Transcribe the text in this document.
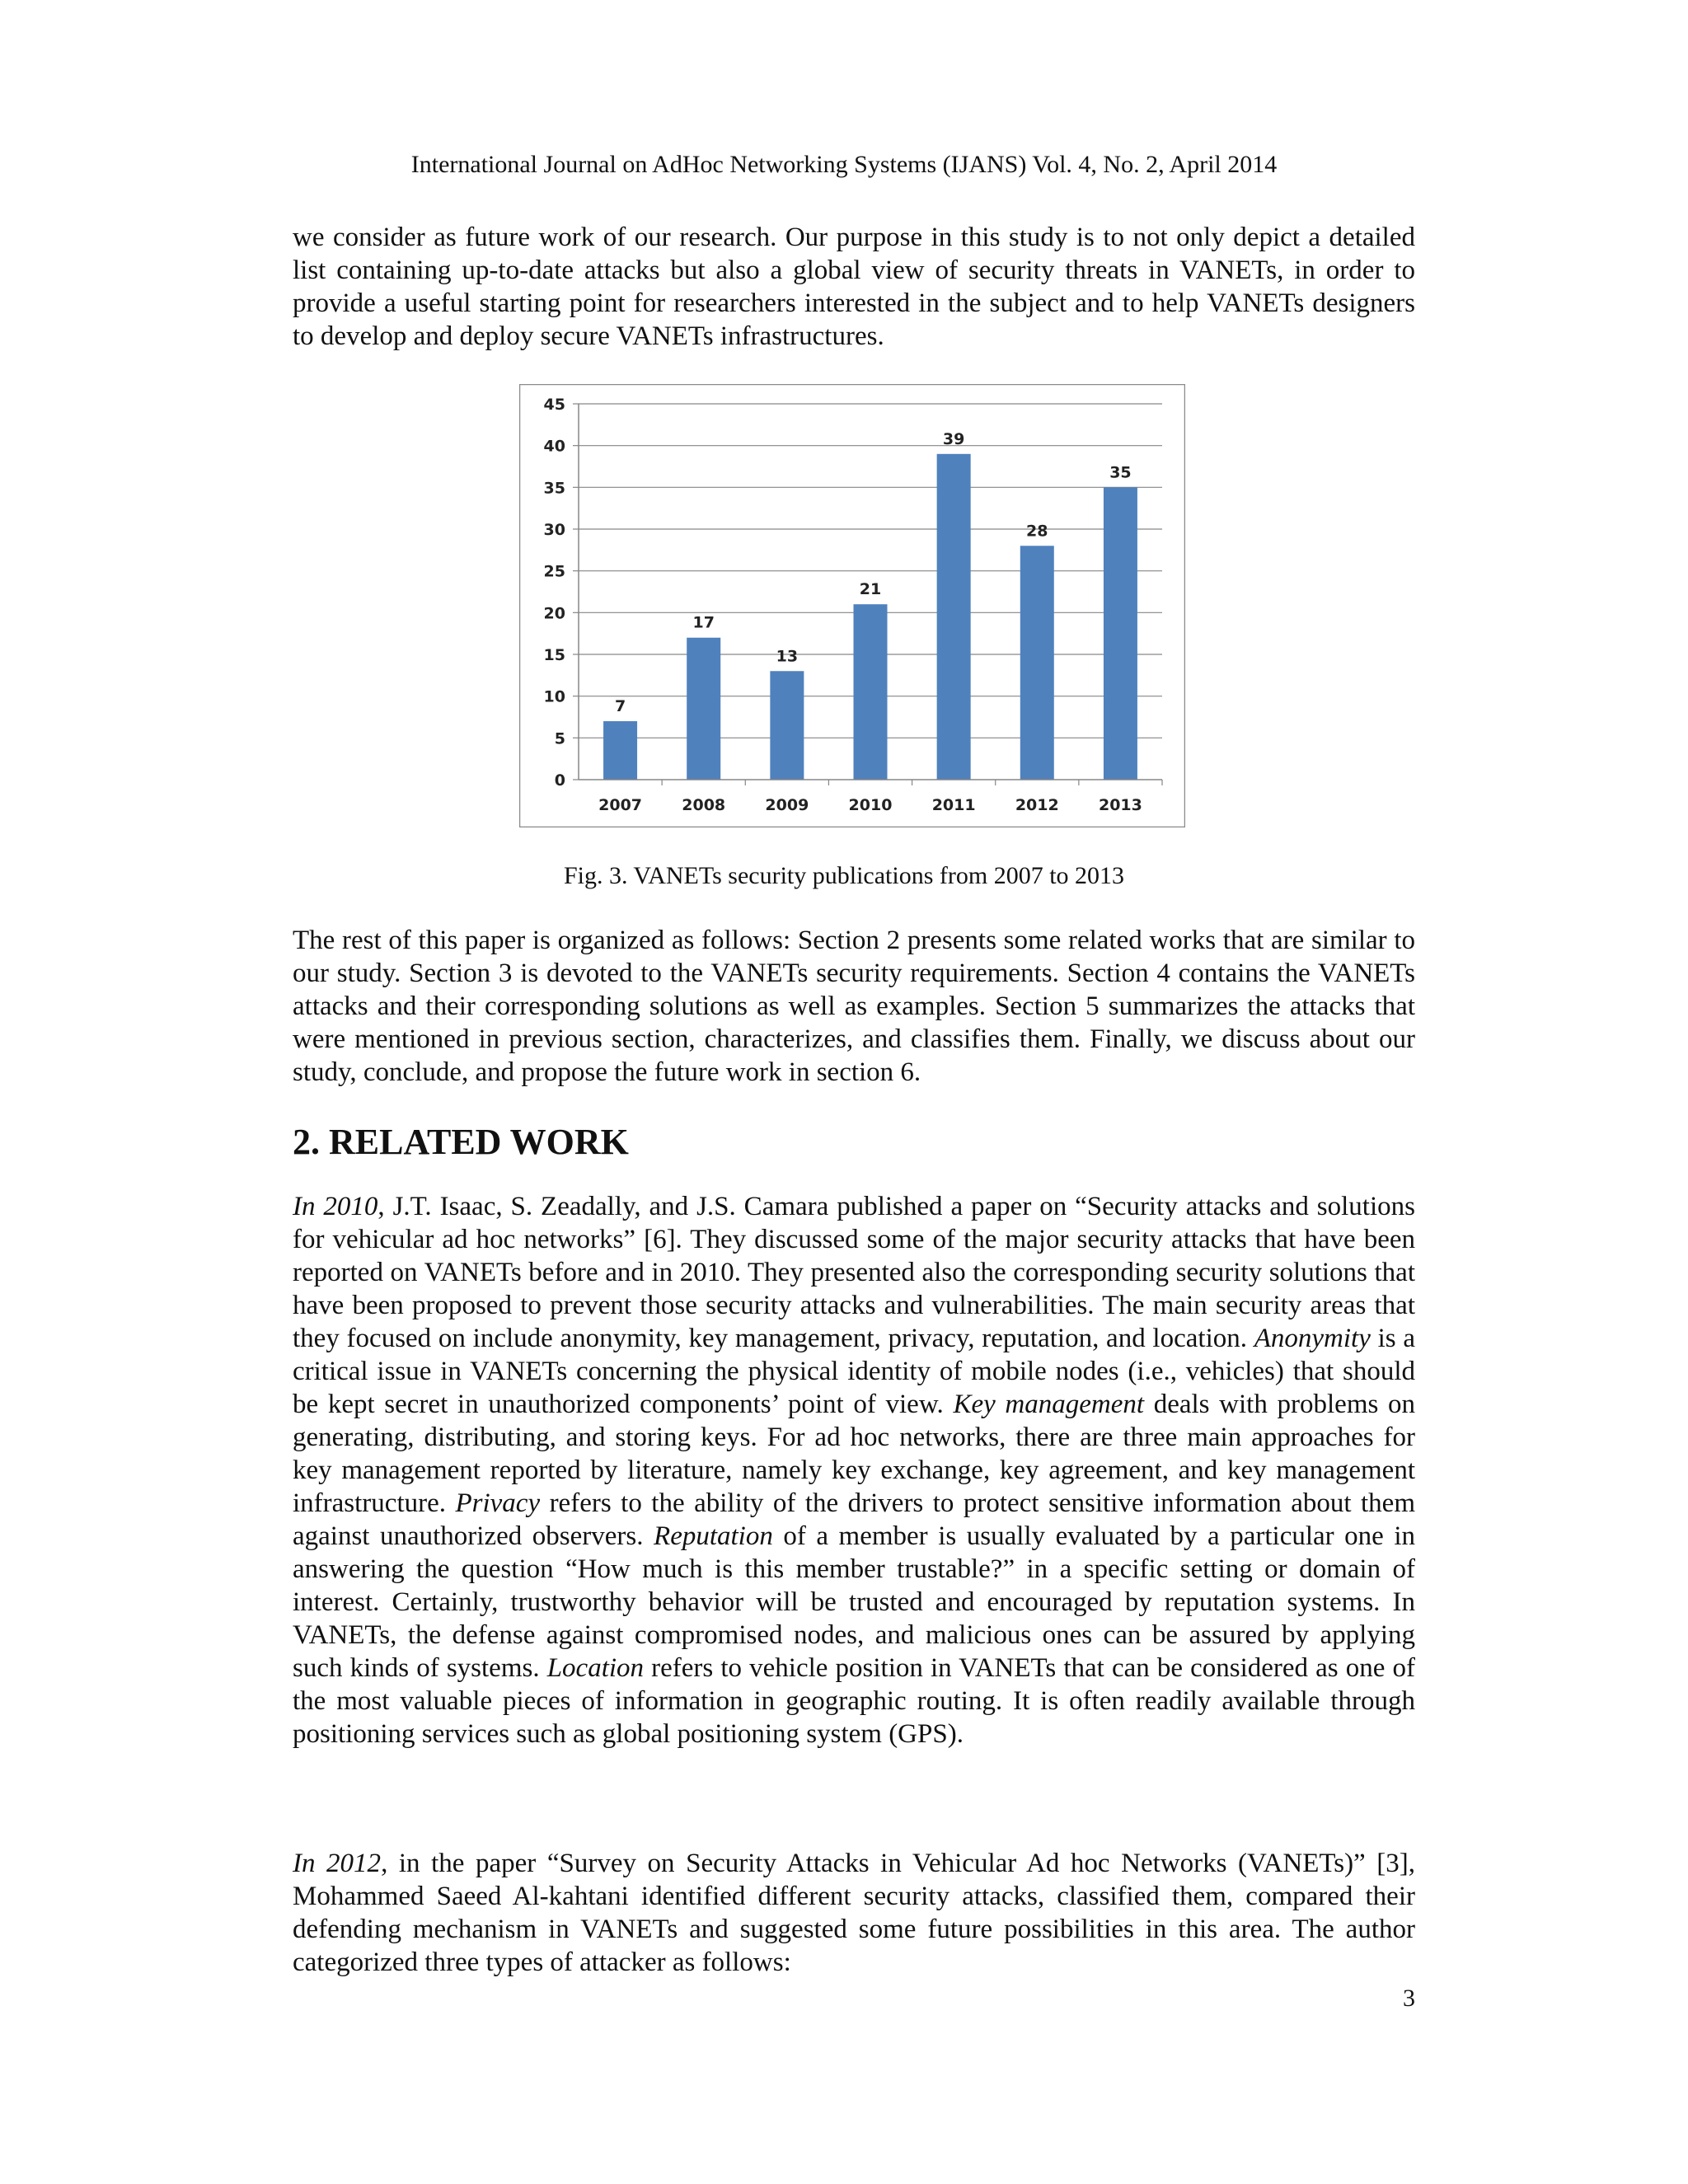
International Journal on AdHoc Networking Systems (IJANS) Vol. 4, No. 2, April 2014

we consider as future work of our research. Our purpose in this study is to not only depict a detailed list containing up-to-date attacks but also a global view of security threats in VANETs, in order to provide a useful starting point for researchers interested in the subject and to help VANETs designers to develop and deploy secure VANETs infrastructures.

0
5
10
15
20
25
30
35
40
45
7
17
13
21
39
28
35
2007	2008	2009	2010	2011	2012	2013
Fig. 3. VANETs security publications from 2007 to 2013

The rest of this paper is organized as follows: Section 2 presents some related works that are similar to our study. Section 3 is devoted to the VANETs security requirements. Section 4 contains the VANETs attacks and their corresponding solutions as well as examples. Section 5 summarizes the attacks that were mentioned in previous section, characterizes, and classifies them. Finally, we discuss about our study, conclude, and propose the future work in section 6.

2. RELATED WORK

In 2010, J.T. Isaac, S. Zeadally, and J.S. Camara published a paper on “Security attacks and solutions for vehicular ad hoc networks” [6]. They discussed some of the major security attacks that have been reported on VANETs before and in 2010. They presented also the corresponding security solutions that have been proposed to prevent those security attacks and vulnerabilities. The main security areas that they focused on include anonymity, key management, privacy, reputation, and location. Anonymity is a critical issue in VANETs concerning the physical identity of mobile nodes (i.e., vehicles) that should be kept secret in unauthorized components’ point of view. Key management deals with problems on generating, distributing, and storing keys. For ad hoc networks, there are three main approaches for key management reported by literature, namely key exchange, key agreement, and key management infrastructure. Privacy refers to the ability of the drivers to protect sensitive information about them against unauthorized observers. Reputation of a member is usually evaluated by a particular one in answering the question “How much is this member trustable?” in a specific setting or domain of interest. Certainly, trustworthy behavior will be trusted and encouraged by reputation systems. In VANETs, the defense against compromised nodes, and malicious ones can be assured by applying such kinds of systems. Location refers to vehicle position in VANETs that can be considered as one of the most valuable pieces of information in geographic routing. It is often readily available through positioning services such as global positioning system (GPS).

In 2012, in the paper “Survey on Security Attacks in Vehicular Ad hoc Networks (VANETs)” [3], Mohammed Saeed Al-kahtani identified different security attacks, classified them, compared their defending mechanism in VANETs and suggested some future possibilities in this area. The author categorized three types of attacker as follows:

3
